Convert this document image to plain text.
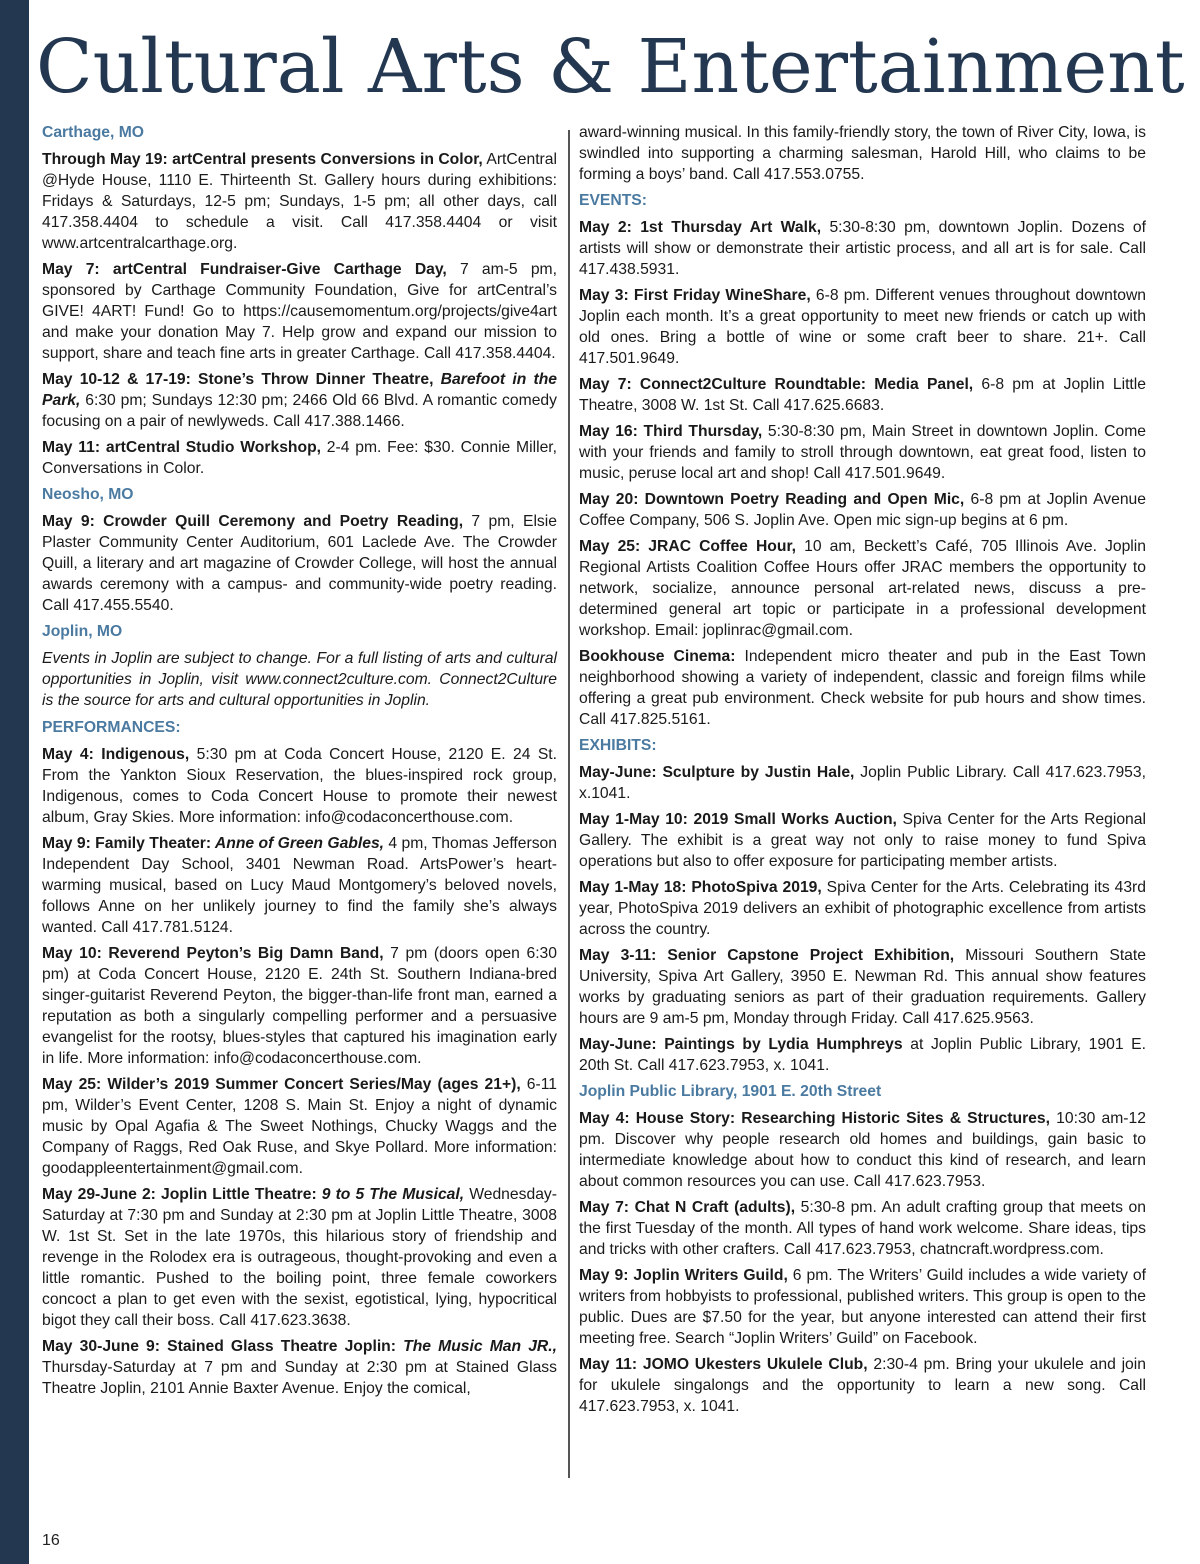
Cultural Arts & Entertainment

Carthage, MO

Through May 19: artCentral presents Conversions in Color, ArtCentral @Hyde House, 1110 E. Thirteenth St. Gallery hours during exhibitions: Fridays & Saturdays, 12-5 pm; Sundays, 1-5 pm; all other days, call 417.358.4404 to schedule a visit. Call 417.358.4404 or visit www.artcentralcarthage.org.

May 7: artCentral Fundraiser-Give Carthage Day, 7 am-5 pm, sponsored by Carthage Community Foundation, Give for artCentral’s GIVE! 4ART! Fund! Go to https://causemomentum.org/projects/give4art and make your donation May 7. Help grow and expand our mission to support, share and teach fine arts in greater Carthage. Call 417.358.4404.

May 10-12 & 17-19: Stone’s Throw Dinner Theatre, Barefoot in the Park, 6:30 pm; Sundays 12:30 pm; 2466 Old 66 Blvd. A romantic comedy focusing on a pair of newlyweds. Call 417.388.1466.

May 11: artCentral Studio Workshop, 2-4 pm. Fee: $30. Connie Miller, Conversations in Color.

Neosho, MO

May 9: Crowder Quill Ceremony and Poetry Reading, 7 pm, Elsie Plaster Community Center Auditorium, 601 Laclede Ave. The Crowder Quill, a literary and art magazine of Crowder College, will host the annual awards ceremony with a campus- and community-wide poetry reading. Call 417.455.5540.

Joplin, MO

Events in Joplin are subject to change. For a full listing of arts and cultural opportunities in Joplin, visit www.connect2culture.com. Connect2Culture is the source for arts and cultural opportunities in Joplin.

PERFORMANCES:

May 4: Indigenous, 5:30 pm at Coda Concert House, 2120 E. 24 St. From the Yankton Sioux Reservation, the blues-inspired rock group, Indigenous, comes to Coda Concert House to promote their newest album, Gray Skies. More information: info@codaconcerthouse.com.

May 9: Family Theater: Anne of Green Gables, 4 pm, Thomas Jefferson Independent Day School, 3401 Newman Road. ArtsPower’s heart-warming musical, based on Lucy Maud Montgomery’s beloved novels, follows Anne on her unlikely journey to find the family she’s always wanted. Call 417.781.5124.

May 10: Reverend Peyton’s Big Damn Band, 7 pm (doors open 6:30 pm) at Coda Concert House, 2120 E. 24th St. Southern Indiana-bred singer-guitarist Reverend Peyton, the bigger-than-life front man, earned a reputation as both a singularly compelling performer and a persuasive evangelist for the rootsy, blues-styles that captured his imagination early in life. More information: info@codaconcerthouse.com.

May 25: Wilder’s 2019 Summer Concert Series/May (ages 21+), 6-11 pm, Wilder’s Event Center, 1208 S. Main St. Enjoy a night of dynamic music by Opal Agafia & The Sweet Nothings, Chucky Waggs and the Company of Raggs, Red Oak Ruse, and Skye Pollard. More information: goodappleentertainment@gmail.com.

May 29-June 2: Joplin Little Theatre: 9 to 5 The Musical, Wednesday-Saturday at 7:30 pm and Sunday at 2:30 pm at Joplin Little Theatre, 3008 W. 1st St. Set in the late 1970s, this hilarious story of friendship and revenge in the Rolodex era is outrageous, thought-provoking and even a little romantic. Pushed to the boiling point, three female coworkers concoct a plan to get even with the sexist, egotistical, lying, hypocritical bigot they call their boss. Call 417.623.3638.

May 30-June 9: Stained Glass Theatre Joplin: The Music Man JR., Thursday-Saturday at 7 pm and Sunday at 2:30 pm at Stained Glass Theatre Joplin, 2101 Annie Baxter Avenue. Enjoy the comical,

award-winning musical. In this family-friendly story, the town of River City, Iowa, is swindled into supporting a charming salesman, Harold Hill, who claims to be forming a boys’ band. Call 417.553.0755.

EVENTS:

May 2: 1st Thursday Art Walk, 5:30-8:30 pm, downtown Joplin. Dozens of artists will show or demonstrate their artistic process, and all art is for sale. Call 417.438.5931.

May 3: First Friday WineShare, 6-8 pm. Different venues throughout downtown Joplin each month. It’s a great opportunity to meet new friends or catch up with old ones. Bring a bottle of wine or some craft beer to share. 21+. Call 417.501.9649.

May 7: Connect2Culture Roundtable: Media Panel, 6-8 pm at Joplin Little Theatre, 3008 W. 1st St. Call 417.625.6683.

May 16: Third Thursday, 5:30-8:30 pm, Main Street in downtown Joplin. Come with your friends and family to stroll through downtown, eat great food, listen to music, peruse local art and shop! Call 417.501.9649.

May 20: Downtown Poetry Reading and Open Mic, 6-8 pm at Joplin Avenue Coffee Company, 506 S. Joplin Ave. Open mic sign-up begins at 6 pm.

May 25: JRAC Coffee Hour, 10 am, Beckett’s Café, 705 Illinois Ave. Joplin Regional Artists Coalition Coffee Hours offer JRAC members the opportunity to network, socialize, announce personal art-related news, discuss a pre-determined general art topic or participate in a professional development workshop. Email: joplinrac@gmail.com.

Bookhouse Cinema: Independent micro theater and pub in the East Town neighborhood showing a variety of independent, classic and foreign films while offering a great pub environment. Check website for pub hours and show times. Call 417.825.5161.

EXHIBITS:

May-June: Sculpture by Justin Hale, Joplin Public Library. Call 417.623.7953, x.1041.

May 1-May 10: 2019 Small Works Auction, Spiva Center for the Arts Regional Gallery. The exhibit is a great way not only to raise money to fund Spiva operations but also to offer exposure for participating member artists.

May 1-May 18: PhotoSpiva 2019, Spiva Center for the Arts. Celebrating its 43rd year, PhotoSpiva 2019 delivers an exhibit of photographic excellence from artists across the country.

May 3-11: Senior Capstone Project Exhibition, Missouri Southern State University, Spiva Art Gallery, 3950 E. Newman Rd. This annual show features works by graduating seniors as part of their graduation requirements. Gallery hours are 9 am-5 pm, Monday through Friday. Call 417.625.9563.

May-June: Paintings by Lydia Humphreys at Joplin Public Library, 1901 E. 20th St. Call 417.623.7953, x. 1041.

Joplin Public Library, 1901 E. 20th Street

May 4: House Story: Researching Historic Sites & Structures, 10:30 am-12 pm. Discover why people research old homes and buildings, gain basic to intermediate knowledge about how to conduct this kind of research, and learn about common resources you can use. Call 417.623.7953.

May 7: Chat N Craft (adults), 5:30-8 pm. An adult crafting group that meets on the first Tuesday of the month. All types of hand work welcome. Share ideas, tips and tricks with other crafters. Call 417.623.7953, chatncraft.wordpress.com.

May 9: Joplin Writers Guild, 6 pm. The Writers’ Guild includes a wide variety of writers from hobbyists to professional, published writers. This group is open to the public. Dues are $7.50 for the year, but anyone interested can attend their first meeting free. Search “Joplin Writers’ Guild” on Facebook.

May 11: JOMO Ukesters Ukulele Club, 2:30-4 pm. Bring your ukulele and join for ukulele singalongs and the opportunity to learn a new song. Call 417.623.7953, x. 1041.

16
